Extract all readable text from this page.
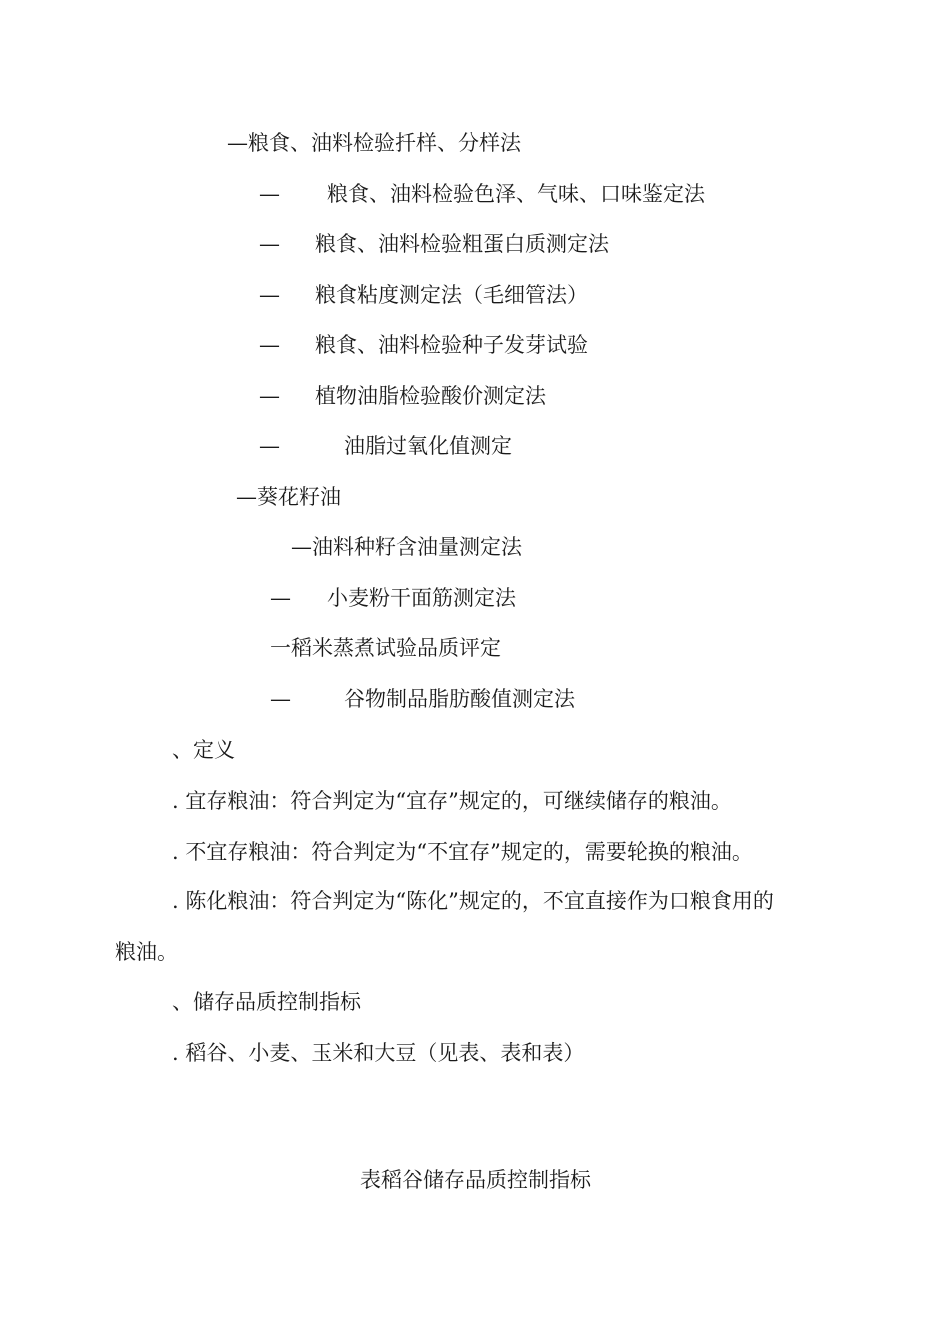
—粮食、油料检验扦样、分样法
— 粮食、油料检验色泽、气味、口味鉴定法
— 粮食、油料检验粗蛋白质测定法
— 粮食粘度测定法（毛细管法）
— 粮食、油料检验种子发芽试验
— 植物油脂检验酸价测定法
—	油脂过氧化值测定
—葵花籽油
—油料种籽含油量测定法
— 小麦粉干面筋测定法
一稻米蒸煮试验品质评定
—	谷物制品脂肪酸值测定法
、定义
. 宜存粮油：符合判定为“宜存”规定的，可继续储存的粮油。
. 不宜存粮油：符合判定为“不宜存”规定的，需要轮换的粮油。
. 陈化粮油：符合判定为“陈化”规定的，不宜直接作为口粮食用的
粮油。
、储存品质控制指标
. 稻谷、小麦、玉米和大豆（见表、表和表）
表稻谷储存品质控制指标
